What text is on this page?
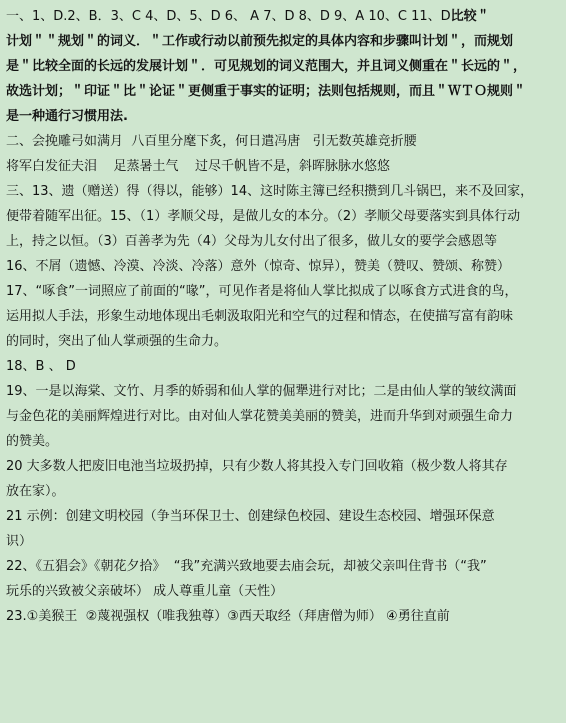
一、1、D.2、B．3、C 4、D、5、D 6、 A 7、D 8、D 9、A 10、C 11、D比较＂
计划＂＂规划＂的词义．＂工作或行动以前预先拟定的具体内容和步骤叫计划＂，而规划
是＂比较全面的长远的发展计划＂．可见规划的词义范围大，并且词义侧重在＂长远的＂，
故选计划；＂印证＂比＂论证＂更侧重于事实的证明；法则包括规则，而且＂ＷＴＯ规则＂
是一种通行习惯用法.
二、会挽雕弓如满月  八百里分麾下炙，何日遣冯唐   引无数英雄竞折腰
将军白发征夫泪    足蒸暑土气    过尽千帆皆不是，斜晖脉脉水悠悠
三、13、遗（赠送）得（得以，能够）14、这时陈主簿已经积攒到几斗锅巴，来不及回家，
便带着随军出征。15、（1）孝顺父母，是做儿女的本分。（2）孝顺父母要落实到具体行动
上，持之以恒。（3）百善孝为先（4）父母为儿女付出了很多，做儿女的要学会感恩等
16、不屑（遗憾、冷漠、冷淡、冷落）意外（惊奇、惊异），赞美（赞叹、赞颂、称赞）
17、“啄食”一词照应了前面的“喙”，可见作者是将仙人掌比拟成了以啄食方式进食的鸟，
运用拟人手法，形象生动地体现出毛刺汲取阳光和空气的过程和情态，在使描写富有韵味
的同时，突出了仙人掌顽强的生命力。
18、B 、 D
19、一是以海棠、文竹、月季的娇弱和仙人掌的倔犟进行对比；二是由仙人掌的皱纹满面
与金色花的美丽辉煌进行对比。由对仙人掌花赞美美丽的赞美，进而升华到对顽强生命力
的赞美。
20 大多数人把废旧电池当垃圾扔掉，只有少数人将其投入专门回收箱（极少数人将其存
放在家）。
21 示例：创建文明校园（争当环保卫士、创建绿色校园、建设生态校园、增强环保意
识）
22、《五猖会》《朝花夕拾》  “我”充满兴致地要去庙会玩，却被父亲叫住背书（“我”
玩乐的兴致被父亲破坏） 成人尊重儿童（天性）
23.①美猴王  ②蔑视强权（唯我独尊）③西天取经（拜唐僧为师） ④勇往直前
